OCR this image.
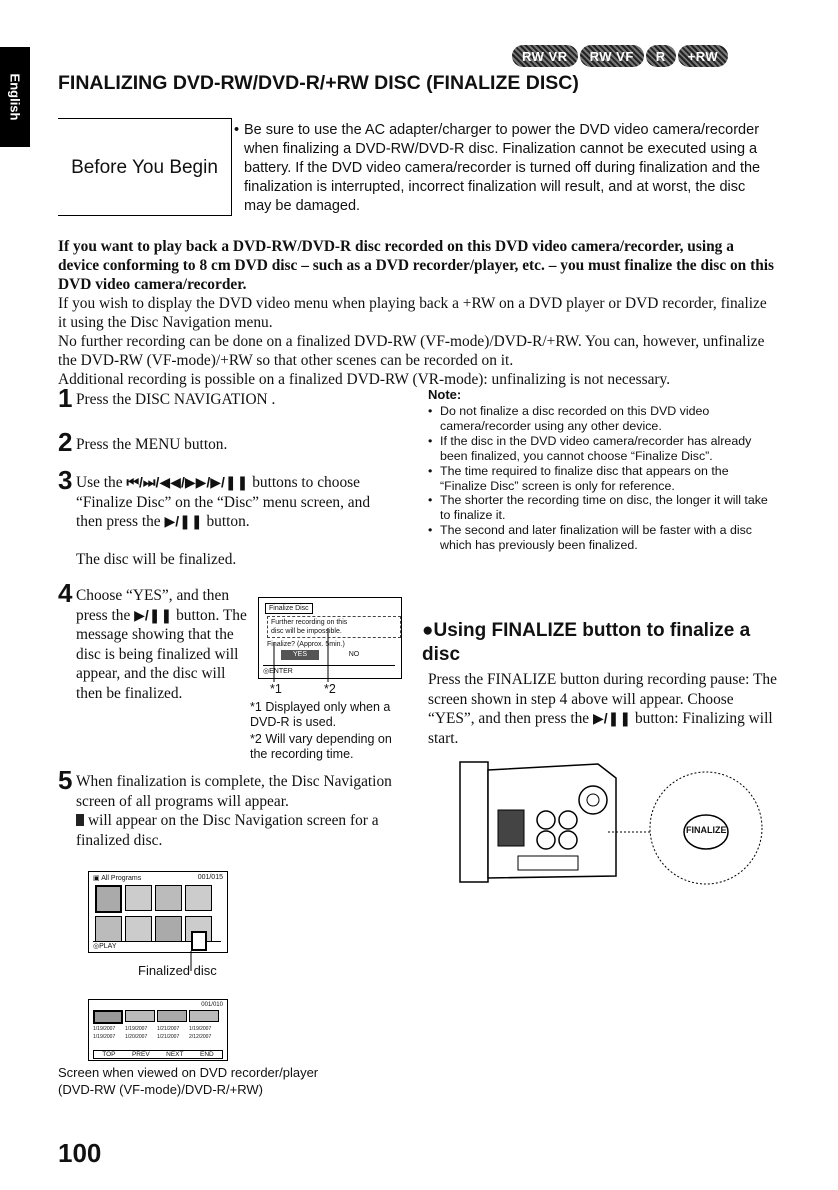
English
RW VR	RW VF	R	+RW
FINALIZING DVD-RW/DVD-R/+RW DISC (FINALIZE DISC)
Before You Begin
• Be sure to use the AC adapter/charger to power the DVD video camera/recorder when finalizing a DVD-RW/DVD-R disc. Finalization cannot be executed using a battery. If the DVD video camera/recorder is turned off during finalization and the finalization is interrupted, incorrect finalization will result, and at worst, the disc may be damaged.

If you want to play back a DVD-RW/DVD-R disc recorded on this DVD video camera/recorder, using a device conforming to 8 cm DVD disc – such as a DVD recorder/player, etc. – you must finalize the disc on this DVD video camera/recorder.

If you wish to display the DVD video menu when playing back a +RW on a DVD player or DVD recorder, finalize it using the Disc Navigation menu.

No further recording can be done on a finalized DVD-RW (VF-mode)/DVD-R/+RW. You can, however, unfinalize the DVD-RW (VF-mode)/+RW so that other scenes can be recorded on it.

Additional recording is possible on a finalized DVD-RW (VR-mode): unfinalizing is not necessary.

1 Press the DISC NAVIGATION .
2 Press the MENU button.
3 Use the ⏮/⏭/◀◀/▶▶/▶/❚❚ buttons to choose “Finalize Disc” on the “Disc” menu screen, and then press the ▶/❚❚ button.
The disc will be finalized.
4 Choose “YES”, and then press the ▶/❚❚ button. The message showing that the disc is being finalized will appear, and the disc will then be finalized.
Finalize Disc
Further recording on this
disc will be impossible.
Finalize? (Approx. 5min.)
YES	NO
◎ENTER
*1	*2
*1 Displayed only when a DVD-R is used.
*2 Will vary depending on the recording time.
5 When finalization is complete, the Disc Navigation screen of all programs will appear.
will appear on the Disc Navigation screen for a finalized disc.
▣ All Programs	001/015
◎PLAY
Finalized disc
001/010
1/19/2007	1/19/2007	1/21/2007	1/19/2007
1/19/2007	1/20/2007	1/21/2007	2/12/2007
TOP	PREV	NEXT	END
Screen when viewed on DVD recorder/player
(DVD-RW (VF-mode)/DVD-R/+RW)
Note:
• Do not finalize a disc recorded on this DVD video camera/recorder using any other device.
• If the disc in the DVD video camera/recorder has already been finalized, you cannot choose “Finalize Disc”.
• The time required to finalize disc that appears on the “Finalize Disc” screen is only for reference.
• The shorter the recording time on disc, the longer it will take to finalize it.
• The second and later finalization will be faster with a disc which has previously been finalized.
●Using FINALIZE button to finalize a disc
Press the FINALIZE button during recording pause: The screen shown in step 4 above will appear. Choose “YES”, and then press the ▶/❚❚ button: Finalizing will start.
FINALIZE
100
